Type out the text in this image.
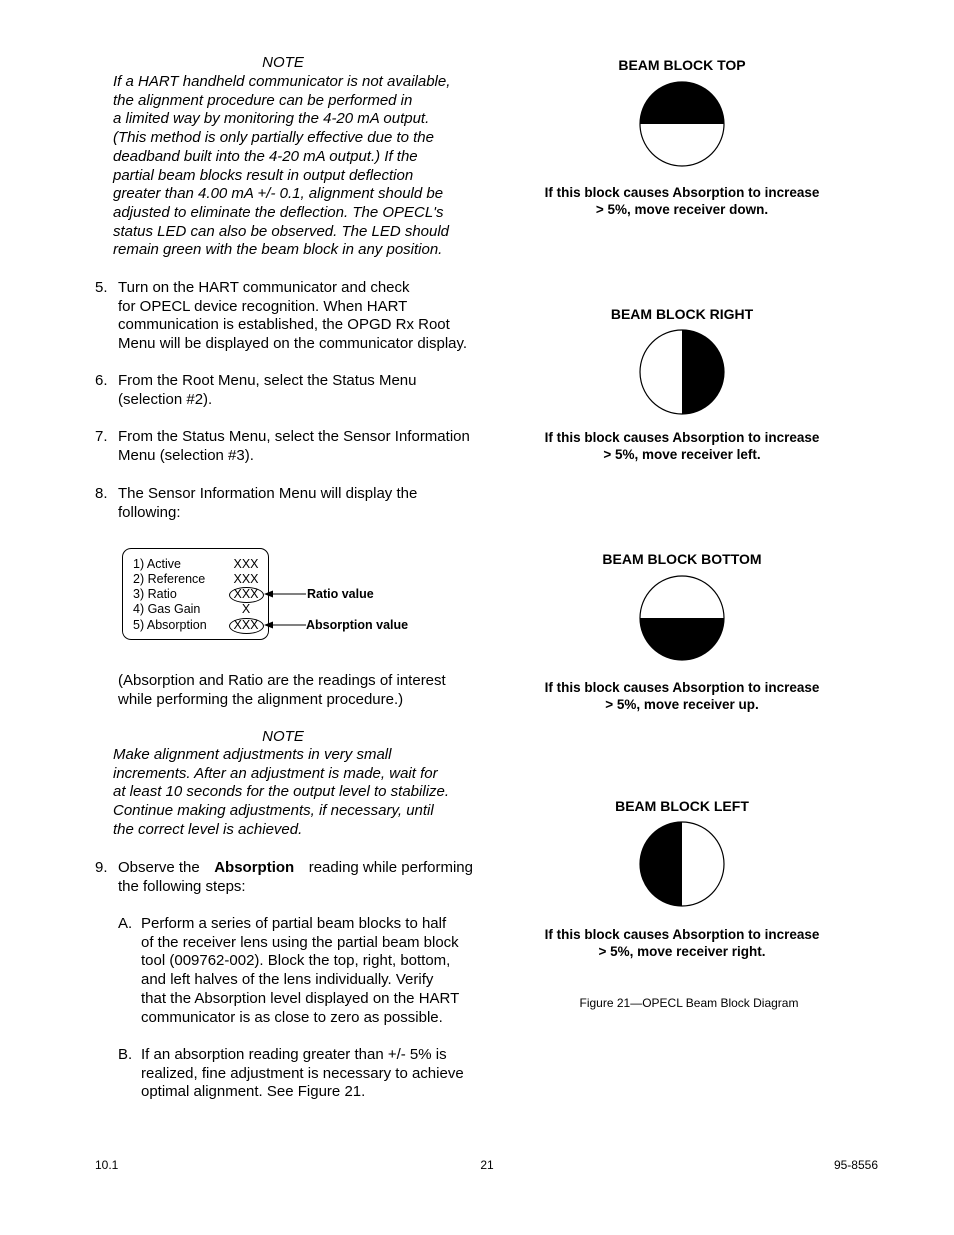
NOTE
If a HART handheld communicator is not available,
the alignment procedure can be performed in
a limited way by monitoring the 4-20 mA output.
(This method is only partially effective due to the
deadband built into the 4-20 mA output.) If the
partial beam blocks result in output deflection
greater than 4.00 mA +/- 0.1, alignment should be
adjusted to eliminate the deflection. The OPECL's
status LED can also be observed. The LED should
remain green with the beam block in any position.
5. Turn on the HART communicator and check
for OPECL device recognition. When HART
communication is established, the OPGD Rx Root
Menu will be displayed on the communicator display.
6. From the Root Menu, select the Status Menu
(selection #2).
7. From the Status Menu, select the Sensor Information
Menu (selection #3).
8. The Sensor Information Menu will display the
following:
1) Active
2) Reference
3) Ratio
4) Gas Gain
5) Absorption
XXX
XXX
XXX
X
XXX
Ratio value
Absorption value
(Absorption and Ratio are the readings of interest
while performing the alignment procedure.)
NOTE
Make alignment adjustments in very small
increments. After an adjustment is made, wait for
at least 10 seconds for the output level to stabilize.
Continue making adjustments, if necessary, until
the correct level is achieved.
9. Observe the Absorption reading while performing
the following steps:
A. Perform a series of partial beam blocks to half
of the receiver lens using the partial beam block
tool (009762-002). Block the top, right, bottom,
and left halves of the lens individually. Verify
that the Absorption level displayed on the HART
communicator is as close to zero as possible.
B. If an absorption reading greater than +/- 5% is
realized, fine adjustment is necessary to achieve
optimal alignment. See Figure 21.
BEAM BLOCK TOP
If this block causes Absorption to increase
> 5%, move receiver down.
BEAM BLOCK RIGHT
If this block causes Absorption to increase
> 5%, move receiver left.
BEAM BLOCK BOTTOM
If this block causes Absorption to increase
> 5%, move receiver up.
BEAM BLOCK LEFT
If this block causes Absorption to increase
> 5%, move receiver right.
Figure 21—OPECL Beam Block Diagram
10.1	21	95-8556
